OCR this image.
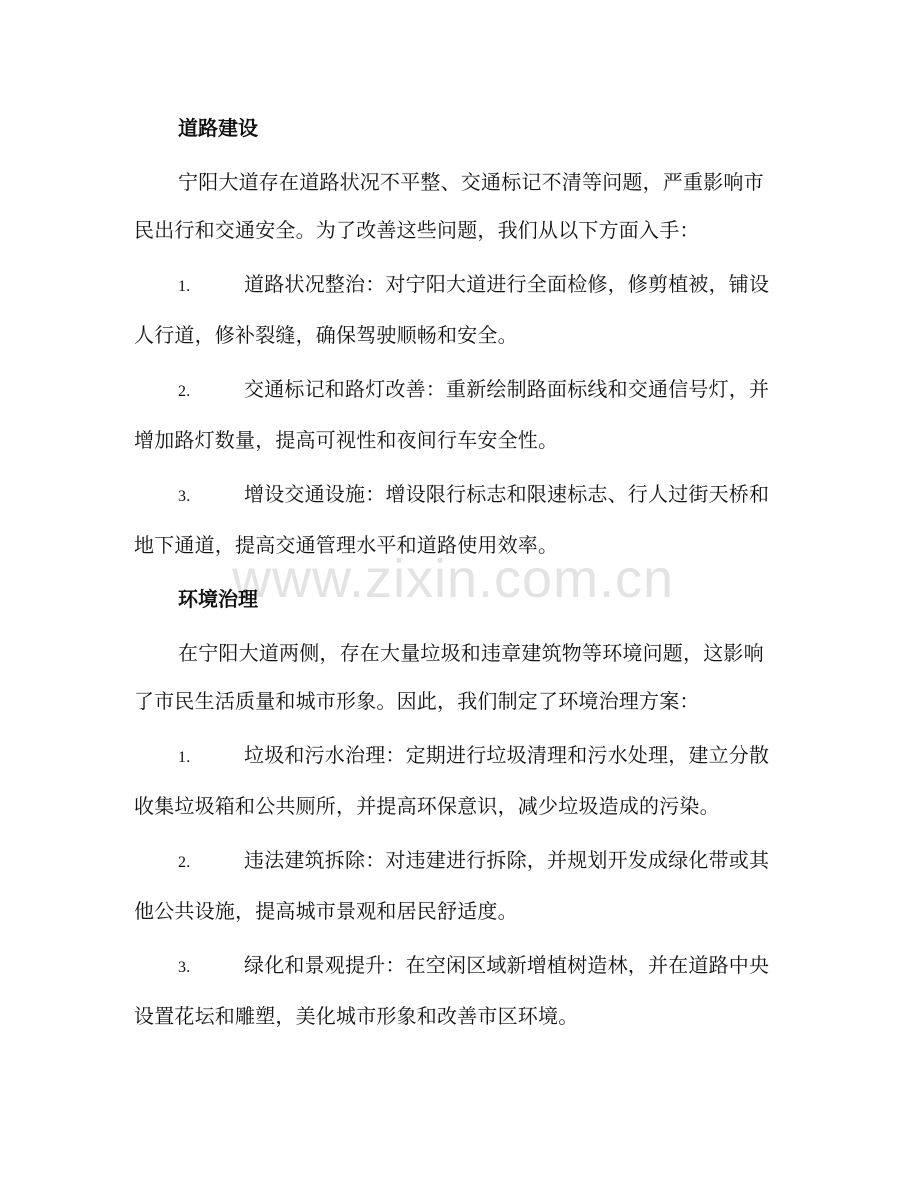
www.zixin.com.cn
道路建设

宁阳大道存在道路状况不平整、交通标记不清等问题，严重影响市民出行和交通安全。为了改善这些问题，我们从以下方面入手：

1.	道路状况整治：对宁阳大道进行全面检修，修剪植被，铺设人行道，修补裂缝，确保驾驶顺畅和安全。

2.	交通标记和路灯改善：重新绘制路面标线和交通信号灯，并增加路灯数量，提高可视性和夜间行车安全性。

3.	增设交通设施：增设限行标志和限速标志、行人过街天桥和地下通道，提高交通管理水平和道路使用效率。

环境治理

在宁阳大道两侧，存在大量垃圾和违章建筑物等环境问题，这影响了市民生活质量和城市形象。因此，我们制定了环境治理方案：

1.	垃圾和污水治理：定期进行垃圾清理和污水处理，建立分散收集垃圾箱和公共厕所，并提高环保意识，减少垃圾造成的污染。

2.	违法建筑拆除：对违建进行拆除，并规划开发成绿化带或其他公共设施，提高城市景观和居民舒适度。

3.	绿化和景观提升：在空闲区域新增植树造林，并在道路中央设置花坛和雕塑，美化城市形象和改善市区环境。
